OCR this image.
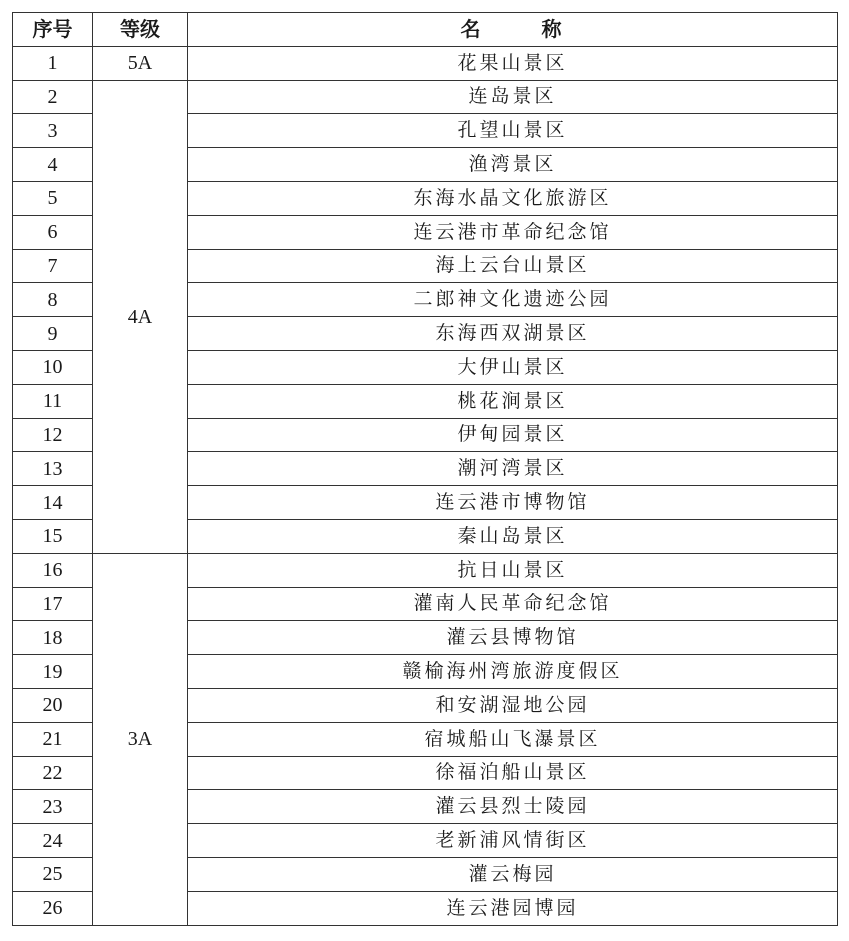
序号	等级	名 称
1	5A	花果山景区
2	4A	连岛景区
3		孔望山景区
4		渔湾景区
5		东海水晶文化旅游区
6		连云港市革命纪念馆
7		海上云台山景区
8		二郎神文化遗迹公园
9		东海西双湖景区
10		大伊山景区
11		桃花涧景区
12		伊甸园景区
13		潮河湾景区
14		连云港市博物馆
15		秦山岛景区
16	3A	抗日山景区
17		灌南人民革命纪念馆
18		灌云县博物馆
19		赣榆海州湾旅游度假区
20		和安湖湿地公园
21		宿城船山飞瀑景区
22		徐福泊船山景区
23		灌云县烈士陵园
24		老新浦风情街区
25		灌云梅园
26		连云港园博园
